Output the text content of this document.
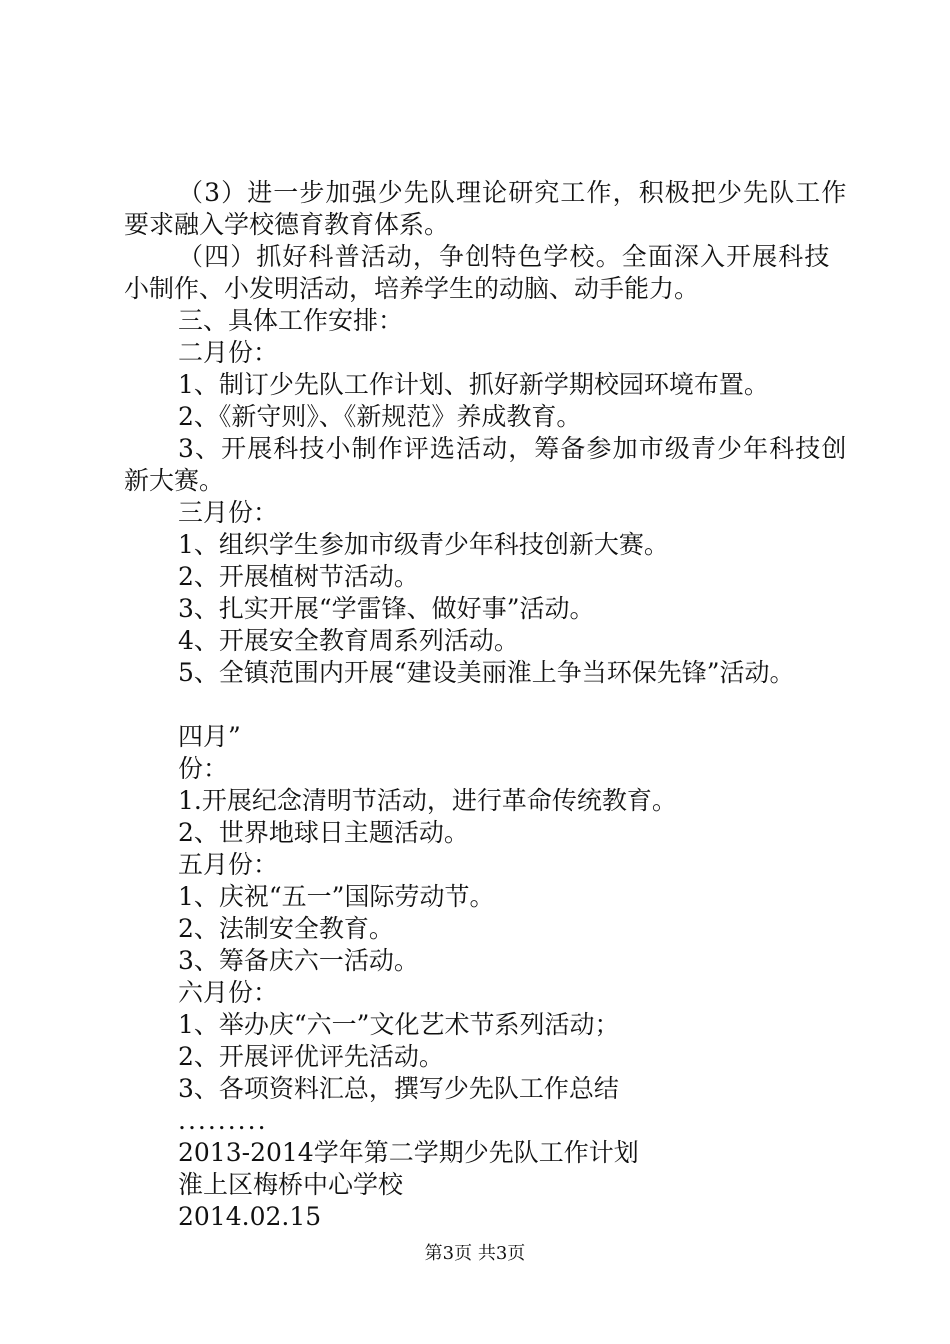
（3）进一步加强少先队理论研究工作，积极把少先队工作
要求融入学校德育教育体系。
（四）抓好科普活动，争创特色学校。全面深入开展科技
小制作、小发明活动，培养学生的动脑、动手能力。
三、具体工作安排：
二月份：
1、制订少先队工作计划、抓好新学期校园环境布置。
2、《新守则》、《新规范》养成教育。
3、开展科技小制作评选活动，筹备参加市级青少年科技创
新大赛。
三月份：
1、组织学生参加市级青少年科技创新大赛。
2、开展植树节活动。
3、扎实开展“学雷锋、做好事”活动。
4、开展安全教育周系列活动。
5、全镇范围内开展“建设美丽淮上争当环保先锋”活动。
四月”
份：
1.开展纪念清明节活动，进行革命传统教育。
2、世界地球日主题活动。
五月份：
1、庆祝“五一”国际劳动节。
2、法制安全教育。
3、筹备庆六一活动。
六月份：
1、举办庆“六一”文化艺术节系列活动；
2、开展评优评先活动。
3、各项资料汇总，撰写少先队工作总结
.........
2013-2014学年第二学期少先队工作计划
淮上区梅桥中心学校
2014.02.15
第3页 共3页
